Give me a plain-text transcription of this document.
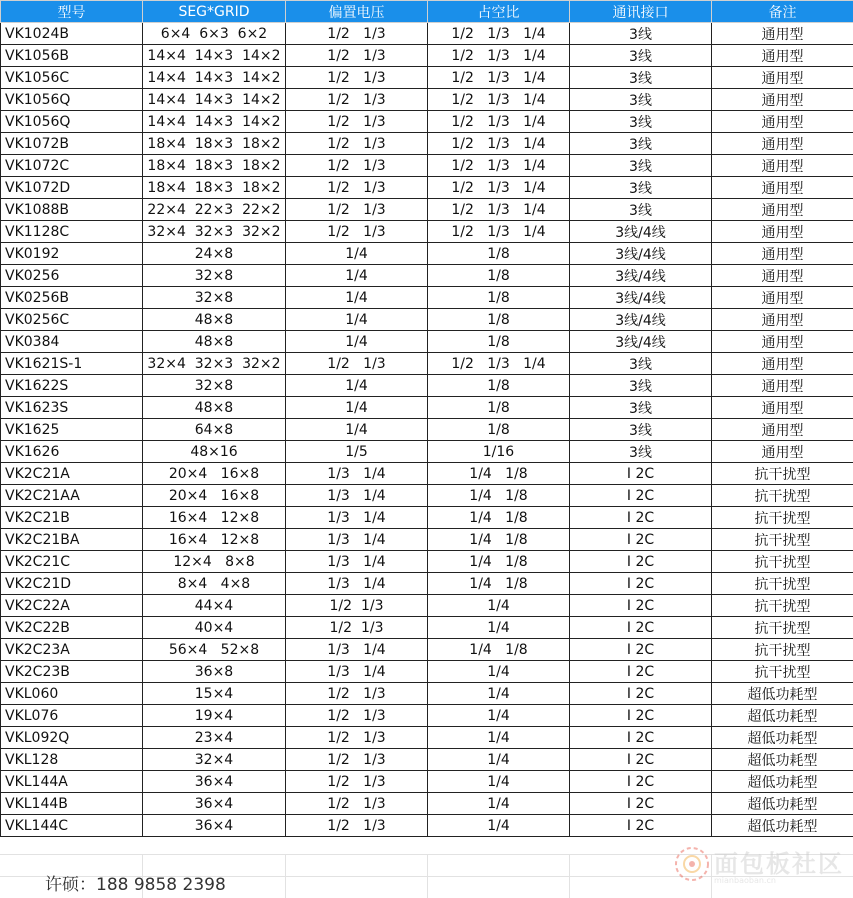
型号	SEG*GRID	偏置电压	占空比	通讯接口	备注
VK1024B	6×4  6×3  6×2	1/2   1/3	1/2   1/3   1/4	3线	通用型
VK1056B	14×4  14×3  14×2	1/2   1/3	1/2   1/3   1/4	3线	通用型
VK1056C	14×4  14×3  14×2	1/2   1/3	1/2   1/3   1/4	3线	通用型
VK1056Q	14×4  14×3  14×2	1/2   1/3	1/2   1/3   1/4	3线	通用型
VK1056Q	14×4  14×3  14×2	1/2   1/3	1/2   1/3   1/4	3线	通用型
VK1072B	18×4  18×3  18×2	1/2   1/3	1/2   1/3   1/4	3线	通用型
VK1072C	18×4  18×3  18×2	1/2   1/3	1/2   1/3   1/4	3线	通用型
VK1072D	18×4  18×3  18×2	1/2   1/3	1/2   1/3   1/4	3线	通用型
VK1088B	22×4  22×3  22×2	1/2   1/3	1/2   1/3   1/4	3线	通用型
VK1128C	32×4  32×3  32×2	1/2   1/3	1/2   1/3   1/4	3线/4线	通用型
VK0192	24×8	1/4	1/8	3线/4线	通用型
VK0256	32×8	1/4	1/8	3线/4线	通用型
VK0256B	32×8	1/4	1/8	3线/4线	通用型
VK0256C	48×8	1/4	1/8	3线/4线	通用型
VK0384	48×8	1/4	1/8	3线/4线	通用型
VK1621S-1	32×4  32×3  32×2	1/2   1/3	1/2   1/3   1/4	3线	通用型
VK1622S	32×8	1/4	1/8	3线	通用型
VK1623S	48×8	1/4	1/8	3线	通用型
VK1625	64×8	1/4	1/8	3线	通用型
VK1626	48×16	1/5	1/16	3线	通用型
VK2C21A	20×4   16×8	1/3   1/4	1/4   1/8	I 2C	抗干扰型
VK2C21AA	20×4   16×8	1/3   1/4	1/4   1/8	I 2C	抗干扰型
VK2C21B	16×4   12×8	1/3   1/4	1/4   1/8	I 2C	抗干扰型
VK2C21BA	16×4   12×8	1/3   1/4	1/4   1/8	I 2C	抗干扰型
VK2C21C	12×4   8×8	1/3   1/4	1/4   1/8	I 2C	抗干扰型
VK2C21D	8×4   4×8	1/3   1/4	1/4   1/8	I 2C	抗干扰型
VK2C22A	44×4	1/2  1/3	1/4	I 2C	抗干扰型
VK2C22B	40×4	1/2  1/3	1/4	I 2C	抗干扰型
VK2C23A	56×4   52×8	1/3   1/4	1/4   1/8	I 2C	抗干扰型
VK2C23B	36×8	1/3   1/4	1/4	I 2C	抗干扰型
VKL060	15×4	1/2   1/3	1/4	I 2C	超低功耗型
VKL076	19×4	1/2   1/3	1/4	I 2C	超低功耗型
VKL092Q	23×4	1/2   1/3	1/4	I 2C	超低功耗型
VKL128	32×4	1/2   1/3	1/4	I 2C	超低功耗型
VKL144A	36×4	1/2   1/3	1/4	I 2C	超低功耗型
VKL144B	36×4	1/2   1/3	1/4	I 2C	超低功耗型
VKL144C	36×4	1/2   1/3	1/4	I 2C	超低功耗型
许硕：188 9858 2398
面包板社区
mianbaoban.cn
